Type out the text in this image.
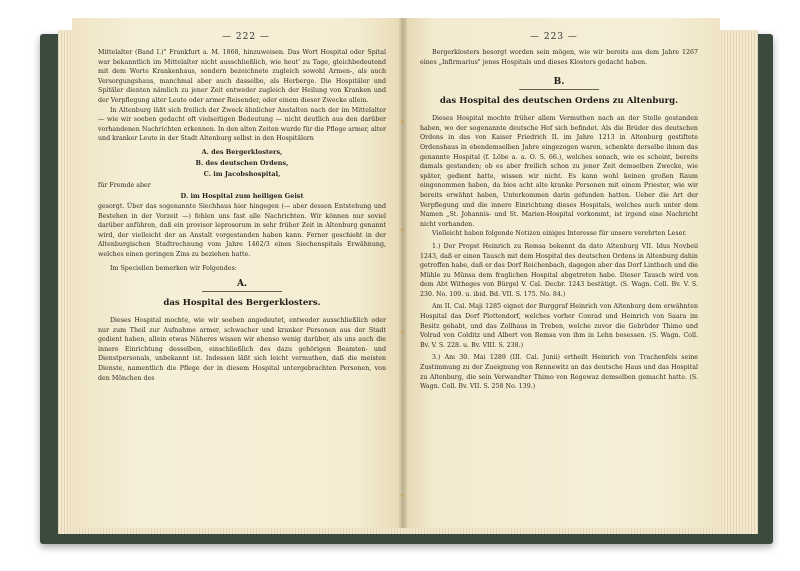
— 222 —

Mittelalter (Band I.)" Frankfurt a. M. 1868, hinzuweisen. Das Wort Hospital oder Spital war bekanntlich im Mittelalter nicht ausschließlich, wie heut' zu Tage, gleichbedeutend mit dem Worte Krankenhaus, sondern bezeichnete zugleich sowohl Armen-, als auch Versorgungshaus, manchmal aber auch dasselbe, als Herberge. Die Hospitäler und Spitäler dienten nämlich zu jener Zeit entweder zugleich der Heilung von Kranken und der Verpflegung alter Leute oder armer Reisender, oder einem dieser Zwecke allein.

In Altenburg läßt sich freilich der Zweck ähnlicher Anstalten nach der im Mittelalter — wie wir soeben gedacht oft vielseitigen Bedeutung — nicht deutlich aus den darüber vorhandenen Nachrichten erkennen. In den alten Zeiten wurde für die Pflege armer, alter und kranker Leute in der Stadt Altenburg selbst in den Hospitälern

A. des Bergerklosters,

B. des deutschen Ordens,

C. im Jacobshospital,

für Fremde aber

D. im Hospital zum heiligen Geist

gesorgt. Über das sogenannte Siechhaus hier hingegen (— aber dessen Entstehung und Bestehen in der Vorzeit —) fehlen uns fast alle Nachrichten. Wir können nur soviel darüber anführen, daß ein provisor leprosorum in sehr früher Zeit in Altenburg genannt wird, der vielleicht der an Anstalt vorgestanden haben kann. Ferner geschieht in der Altenburgischen Stadtrechnung vom Jahre 1462/3 eines Siechenspitals Erwähnung, welches einen geringen Zins zu beziehen hatte.

Im Speciellen bemerken wir Folgendes:

A.

das Hospital des Bergerklosters.

Dieses Hospital mochte, wie wir soeben angedeutet, entweder ausschließlich oder nur zum Theil zur Aufnahme armer, schwacher und kranker Personen aus der Stadt gedient haben, allein etwas Näheres wissen wir ebenso wenig darüber, als uns auch die innere Einrichtung desselben, einschließlich des dazu gehörigen Beamten- und Dienstpersonals, unbekannt ist. Indessen läßt sich leicht vermuthen, daß die meisten Dienste, namentlich die Pflege der in diesem Hospital untergebrachten Personen, von den Mönchen des

— 223 —

Bergerklosters besorgt worden sein mögen, wie wir bereits aus dem Jahre 1267 eines „Infirmarius" jenes Hospitals und dieses Klosters gedacht haben.

B.

das Hospital des deutschen Ordens zu Altenburg.

Dieses Hospital mochte früher allem Vermuthen nach an der Stelle gestanden haben, wo der sogenannte deutsche Hof sich befindet. Als die Brüder des deutschen Ordens in das von Kaiser Friedrich II. im Jahre 1213 in Altenburg gestiftete Ordenshaus in ebendemselben Jahre eingezogen waren, schenkte derselbe ihnen das genannte Hospital (f. Löbe a. a. O. S. 66.), welches sonach, wie es scheint, bereits damals gestanden; ob es aber freilich schon zu jener Zeit demselben Zwecke, wie später, gedient hatte, wissen wir nicht. Es kann wohl keinen großen Raum eingenommen haben, da bios acht alte kranke Personen mit einem Priester, wie wir bereits erwähnt haben, Unterkommen darin gefunden hatten. Ueber die Art der Verpflegung und die innere Einrichtung dieses Hospitals, welches auch unter dem Namen „St. Johannis- und St. Marien-Hospital vorkommt, ist irgend eine Nachricht nicht vorhanden.

Vielleicht haben folgende Notizen einiges Interesse für unsere verehrten Leser.

1.) Der Propst Heinrich zu Remsa bekennt da dato Altenburg VII. Idus Novbeii 1243, daß er einen Tausch mit dem Hospital des deutschen Ordens in Altenburg dahin getroffen habe, daß er das Dorf Reichenbach, dagegen aber das Dorf Lintbach und die Mühle zu Münsa dem fraglichen Hospital abgetreten habe. Dieser Tausch wird von dem Abt Witheges von Bürgel V. Cal. Decbr. 1243 bestätigt. (S. Wagn. Coll. Bv. V. S. 230. No. 109. u. ibid. Bd. VII. S. 175. No. 84.)

Am II. Cal. Maji 1285 eignet der Burggraf Heinrich von Altenburg dem erwähnten Hospital das Dorf Plottendorf, welches vorher Conrad und Heinrich von Saara im Besitz gehabt, und das Zollhaus in Treben, welche zuvor die Gebrüder Thimo und Volrad von Colditz und Albert von Remsa von ihm in Lehn besessen. (S. Wagn. Coll. Bv. V. S. 228. u. Bv. VIII. S. 238.)

3.) Am 30. Mai 1289 (III. Cal. Junii) ertheilt Heinrich von Trachenfels seine Zustimmung zu der Zueignung von Rennewitz an das deutsche Haus und das Hospital zu Altenburg, die sein Verwandter Thimo von Regewaz demselben gemacht hatte. (S. Wagn. Coll. Bv. VII. S. 258 No. 139.)
